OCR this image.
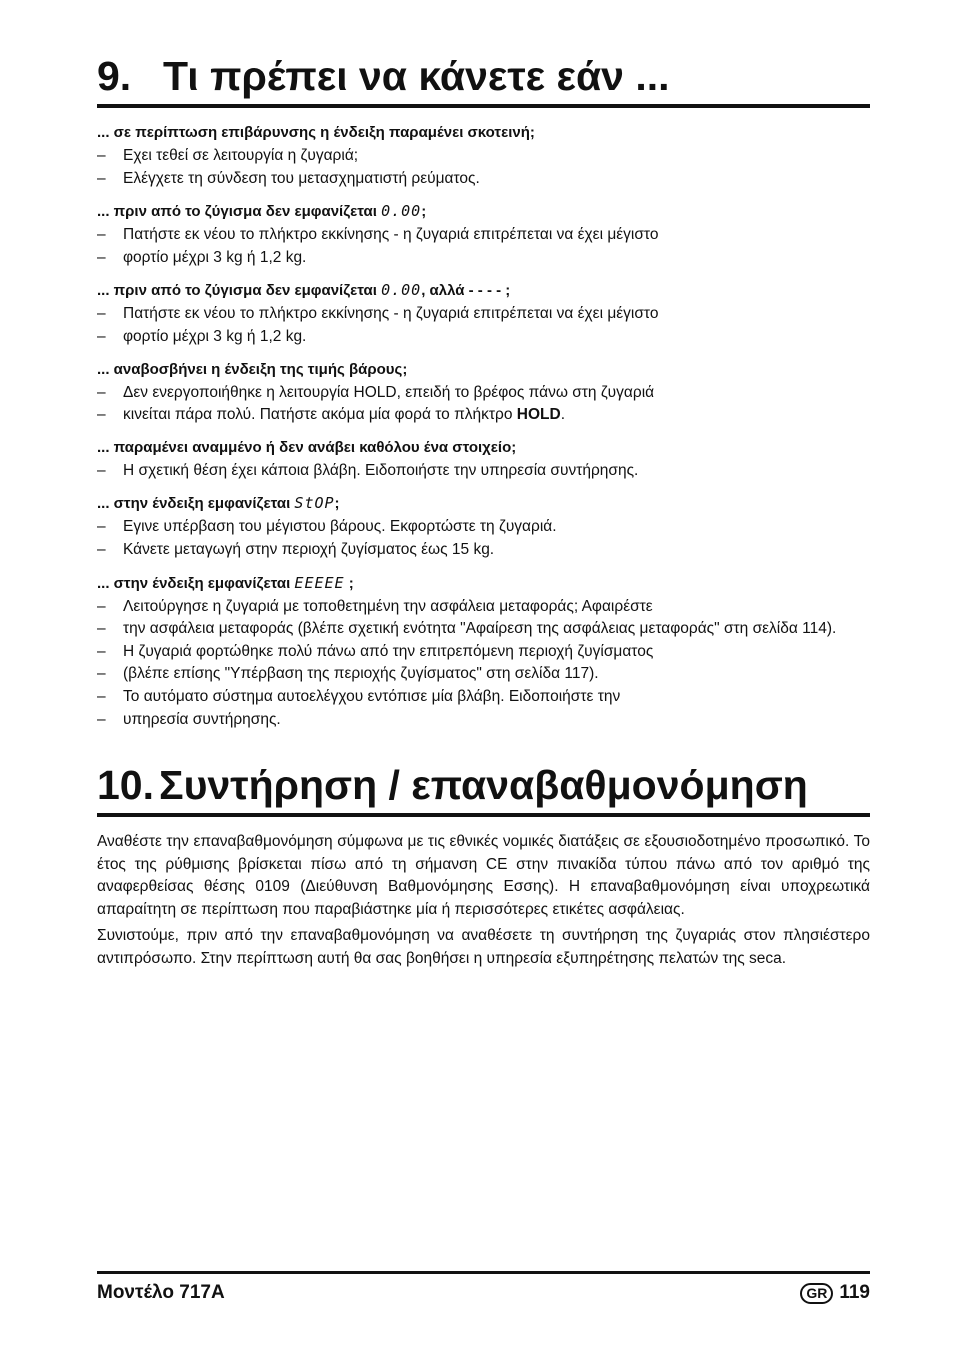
9. Τι πρέπει να κάνετε εάν ...
... σε περίπτωση επιβάρυνσης η ένδειξη παραμένει σκοτεινή;
– Εχει τεθεί σε λειτουργία η ζυγαριά;
– Ελέγχετε τη σύνδεση του μετασχηματιστή ρεύματος.
... πριν από το ζύγισμα δεν εμφανίζεται 0.00;
– Πατήστε εκ νέου το πλήκτρο εκκίνησης - η ζυγαριά επιτρέπεται να έχει μέγιστο
– φορτίο μέχρι 3 kg ή 1,2 kg.
... πριν από το ζύγισμα δεν εμφανίζεται 0.00, αλλά - - - - ;
– Πατήστε εκ νέου το πλήκτρο εκκίνησης - η ζυγαριά επιτρέπεται να έχει μέγιστο
– φορτίο μέχρι 3 kg ή 1,2 kg.
... αναβοσβήνει η ένδειξη της τιμής βάρους;
– Δεν ενεργοποιήθηκε η λειτουργία HOLD, επειδή το βρέφος πάνω στη ζυγαριά
– κινείται πάρα πολύ. Πατήστε ακόμα μία φορά το πλήκτρο HOLD.
... παραμένει αναμμένο ή δεν ανάβει καθόλου ένα στοιχείο;
– Η σχετική θέση έχει κάποια βλάβη. Ειδοποιήστε την υπηρεσία συντήρησης.
... στην ένδειξη εμφανίζεται StOP;
– Εγινε υπέρβαση του μέγιστου βάρους. Εκφορτώστε τη ζυγαριά.
– Κάνετε μεταγωγή στην περιοχή ζυγίσματος έως 15 kg.
... στην ένδειξη εμφανίζεται EEEEE ;
– Λειτούργησε η ζυγαριά με τοποθετημένη την ασφάλεια μεταφοράς; Αφαιρέστε
– την ασφάλεια μεταφοράς (βλέπε σχετική ενότητα "Αφαίρεση της ασφάλειας μεταφοράς" στη σελίδα 114).
– Η ζυγαριά φορτώθηκε πολύ πάνω από την επιτρεπόμενη περιοχή ζυγίσματος
– (βλέπε επίσης "Υπέρβαση της περιοχής ζυγίσματος" στη σελίδα 117).
– Το αυτόματο σύστημα αυτοελέγχου εντόπισε μία βλάβη. Ειδοποιήστε την
– υπηρεσία συντήρησης.
10. Συντήρηση / επαναβαθμονόμηση

Αναθέστε την επαναβαθμονόμηση σύμφωνα με τις εθνικές νομικές διατάξεις σε εξουσιοδοτημένο προσωπικό. Το έτος της ρύθμισης βρίσκεται πίσω από τη σήμανση CE στην πινακίδα τύπου πάνω από τον αριθμό της αναφερθείσας θέσης 0109 (Διεύθυνση Βαθμονόμησης Εσσης). Η επαναβαθμονόμηση είναι υποχρεωτικά απαραίτητη σε περίπτωση που παραβιάστηκε μία ή περισσότερες ετικέτες ασφάλειας.

Συνιστούμε, πριν από την επαναβαθμονόμηση να αναθέσετε τη συντήρηση της ζυγαριάς στον πλησιέστερο αντιπρόσωπο. Στην περίπτωση αυτή θα σας βοηθήσει η υπηρεσία εξυπηρέτησης πελατών της seca.

Μοντέλο 717A	GR 119
